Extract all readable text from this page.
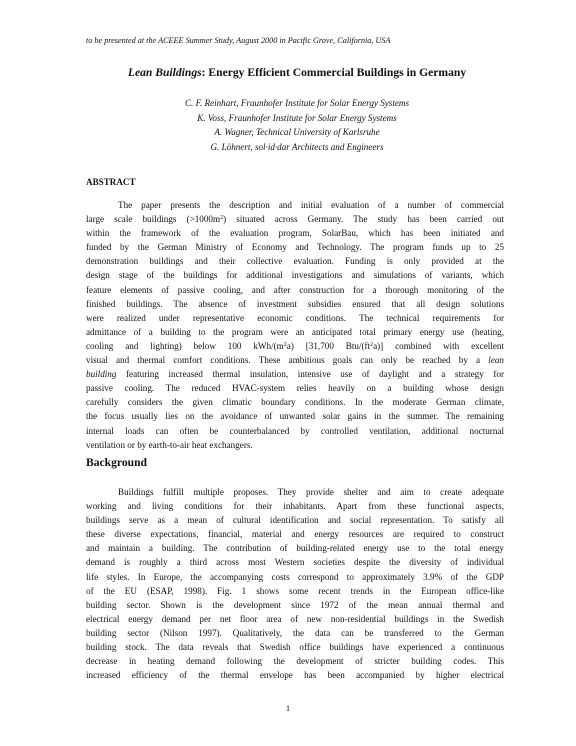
to be presented at the ACEEE Summer Study, August 2000 in Pacific Grove, California, USA
Lean Buildings: Energy Efficient Commercial Buildings in Germany
C. F. Reinhart, Fraunhofer Institute for Solar Energy Systems
K. Voss, Fraunhofer Institute for Solar Energy Systems
A. Wagner, Technical University of Karlsruhe
G. Löhnert, sol·id·dar Architects and Engineers
ABSTRACT
The paper presents the description and initial evaluation of a number of commercial
large scale buildings $(>1000m^2)$ situated across Germany. The study has been carried out
within the framework of the evaluation program, SolarBau, which has been initiated and
funded by the German Ministry of Economy and Technology. The program funds up to 25
demonstration buildings and their collective evaluation. Funding is only provided at the
design stage of the buildings for additional investigations and simulations of variants, which
feature elements of passive cooling, and after construction for a thorough monitoring of the
finished buildings. The absence of investment subsidies ensured that all design solutions
were realized under representative economic conditions. The technical requirements for
admittance of a building to the program were an anticipated total primary energy use (heating,
cooling and lighting) below 100 kWh/$(m^2a)$ [31,700 Btu/$(ft^2a)$] combined with excellent
visual and thermal comfort conditions. These ambitious goals can only be reached by a lean
building featuring increased thermal insulation, intensive use of daylight and a strategy for
passive cooling. The reduced HVAC-system relies heavily on a building whose design
carefully considers the given climatic boundary conditions. In the moderate German climate,
the focus usually lies on the avoidance of unwanted solar gains in the summer. The remaining
internal loads can often be counterbalanced by controlled ventilation, additional nocturnal
ventilation or by earth-to-air heat exchangers.
Background
Buildings fulfill multiple proposes. They provide shelter and aim to create adequate
working and living conditions for their inhabitants. Apart from these functional aspects,
buildings serve as a mean of cultural identification and social representation. To satisfy all
these diverse expectations, financial, material and energy resources are required to construct
and maintain a building. The contribution of building-related energy use to the total energy
demand is roughly a third across most Western societies despite the diversity of individual
life styles. In Europe, the accompanying costs correspond to approximately 3.9% of the GDP
of the EU (ESAP, 1998). Fig. 1 shows some recent trends in the European office-like
building sector. Shown is the development since 1972 of the mean annual thermal and
electrical energy demand per net floor area of new non-residential buildings in the Swedish
building sector (Nilson 1997). Qualitatively, the data can be transferred to the German
building stock. The data reveals that Swedish office buildings have experienced a continuous
decrease in heating demand following the development of stricter building codes. This
increased efficiency of the thermal envelope has been accompanied by higher electrical
1
